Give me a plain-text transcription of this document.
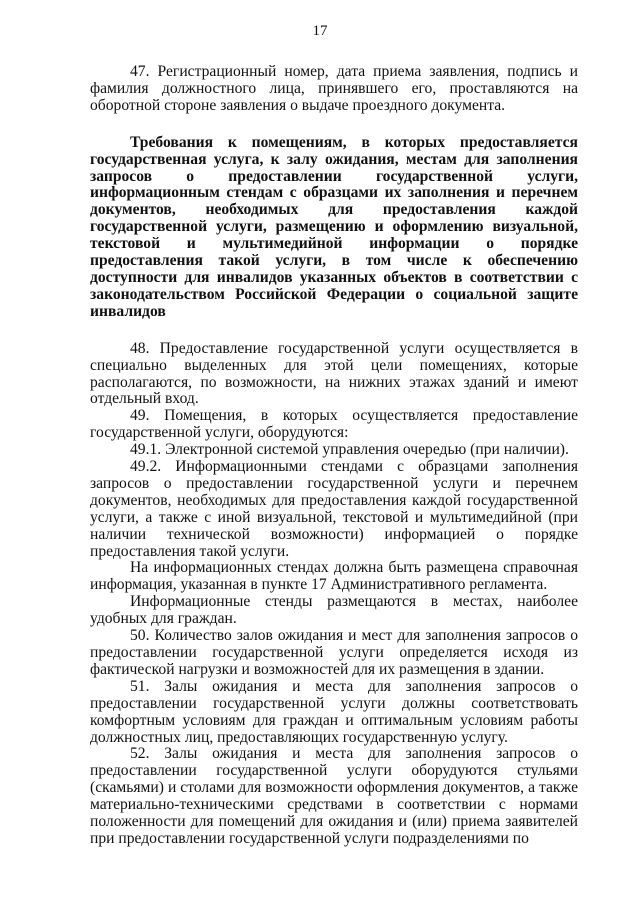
17

47. Регистрационный номер, дата приема заявления, подпись и фамилия должностного лица, принявшего его, проставляются на оборотной стороне заявления о выдаче проездного документа.

Требования к помещениям, в которых предоставляется государственная услуга, к залу ожидания, местам для заполнения запросов о предоставлении государственной услуги, информационным стендам с образцами их заполнения и перечнем документов, необходимых для предоставления каждой государственной услуги, размещению и оформлению визуальной, текстовой и мультимедийной информации о порядке предоставления такой услуги, в том числе к обеспечению доступности для инвалидов указанных объектов в соответствии с законодательством Российской Федерации о социальной защите инвалидов

48. Предоставление государственной услуги осуществляется в специально выделенных для этой цели помещениях, которые располагаются, по возможности, на нижних этажах зданий и имеют отдельный вход.

49. Помещения, в которых осуществляется предоставление государственной услуги, оборудуются:

49.1. Электронной системой управления очередью (при наличии).

49.2. Информационными стендами с образцами заполнения запросов о предоставлении государственной услуги и перечнем документов, необходимых для предоставления каждой государственной услуги, а также с иной визуальной, текстовой и мультимедийной (при наличии технической возможности) информацией о порядке предоставления такой услуги.

На информационных стендах должна быть размещена справочная информация, указанная в пункте 17 Административного регламента.

Информационные стенды размещаются в местах, наиболее удобных для граждан.

50. Количество залов ожидания и мест для заполнения запросов о предоставлении государственной услуги определяется исходя из фактической нагрузки и возможностей для их размещения в здании.

51. Залы ожидания и места для заполнения запросов о предоставлении государственной услуги должны соответствовать комфортным условиям для граждан и оптимальным условиям работы должностных лиц, предоставляющих государственную услугу.

52. Залы ожидания и места для заполнения запросов о предоставлении государственной услуги оборудуются стульями (скамьями) и столами для возможности оформления документов, а также материально-техническими средствами в соответствии с нормами положенности для помещений для ожидания и (или) приема заявителей при предоставлении государственной услуги подразделениями по
